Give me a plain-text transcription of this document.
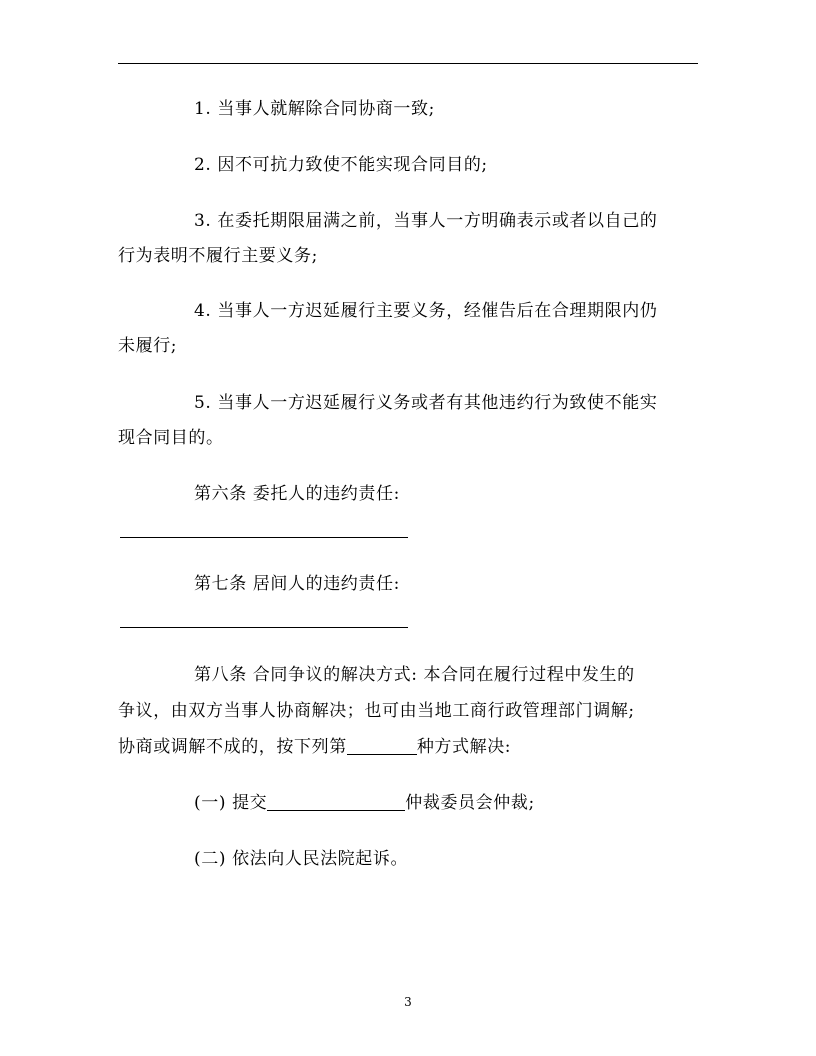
1. 当事人就解除合同协商一致;
2. 因不可抗力致使不能实现合同目的;
3. 在委托期限届满之前，当事人一方明确表示或者以自己的
行为表明不履行主要义务;
4. 当事人一方迟延履行主要义务，经催告后在合理期限内仍
未履行;
5. 当事人一方迟延履行义务或者有其他违约行为致使不能实
现合同目的。
第六条 委托人的违约责任:
第七条 居间人的违约责任:
第八条 合同争议的解决方式: 本合同在履行过程中发生的
争议，由双方当事人协商解决；也可由当地工商行政管理部门调解;
协商或调解不成的，按下列第	种方式解决:
(一) 提交	仲裁委员会仲裁;
(二) 依法向人民法院起诉。
3
